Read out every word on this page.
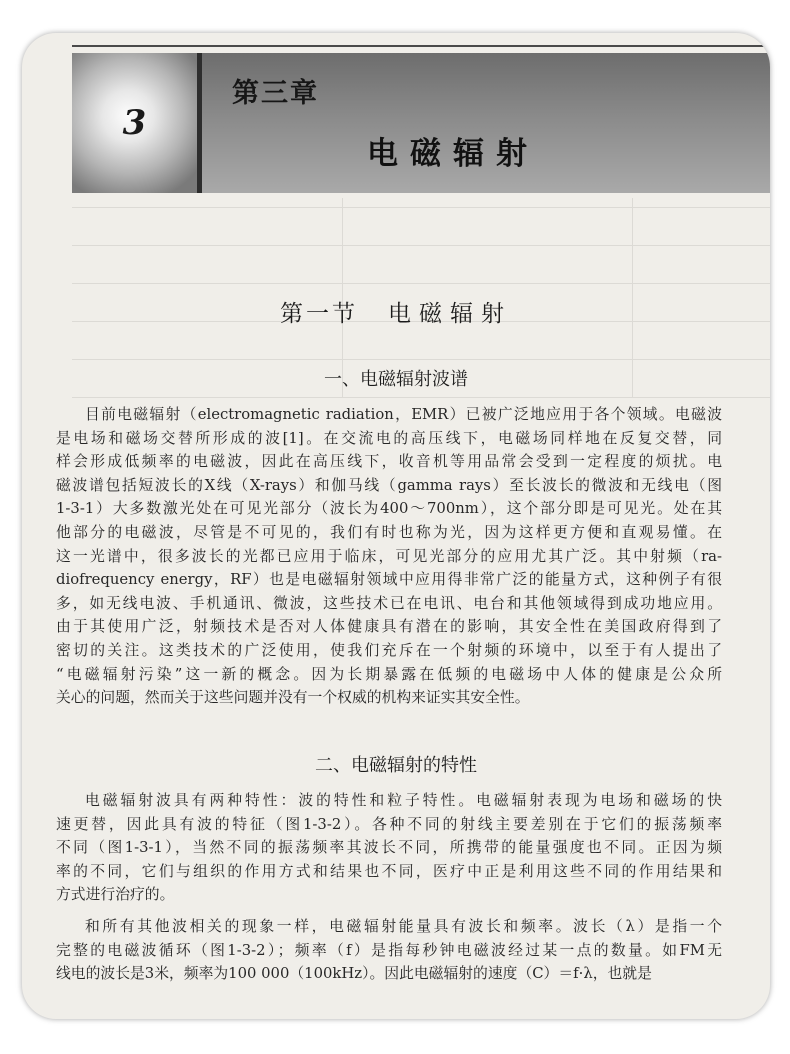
3
第三章
电磁辐射
第一节 电磁辐射
一、电磁辐射波谱
目前电磁辐射（electromagnetic radiation，EMR）已被广泛地应用于各个领域。电磁波
是电场和磁场交替所形成的波[1]。在交流电的高压线下，电磁场同样地在反复交替，同
样会形成低频率的电磁波，因此在高压线下，收音机等用品常会受到一定程度的烦扰。电
磁波谱包括短波长的X线（X-rays）和伽马线（gamma rays）至长波长的微波和无线电（图
1-3-1）大多数激光处在可见光部分（波长为400～700nm），这个部分即是可见光。处在其
他部分的电磁波，尽管是不可见的，我们有时也称为光，因为这样更方便和直观易懂。在
这一光谱中，很多波长的光都已应用于临床，可见光部分的应用尤其广泛。其中射频（ra-
diofrequency energy，RF）也是电磁辐射领域中应用得非常广泛的能量方式，这种例子有很
多，如无线电波、手机通讯、微波，这些技术已在电讯、电台和其他领域得到成功地应用。
由于其使用广泛，射频技术是否对人体健康具有潜在的影响，其安全性在美国政府得到了
密切的关注。这类技术的广泛使用，使我们充斥在一个射频的环境中，以至于有人提出了
“电磁辐射污染”这一新的概念。因为长期暴露在低频的电磁场中人体的健康是公众所
关心的问题，然而关于这些问题并没有一个权威的机构来证实其安全性。
二、电磁辐射的特性
电磁辐射波具有两种特性：波的特性和粒子特性。电磁辐射表现为电场和磁场的快
速更替，因此具有波的特征（图1-3-2）。各种不同的射线主要差别在于它们的振荡频率
不同（图1-3-1），当然不同的振荡频率其波长不同，所携带的能量强度也不同。正因为频
率的不同，它们与组织的作用方式和结果也不同，医疗中正是利用这些不同的作用结果和
方式进行治疗的。
和所有其他波相关的现象一样，电磁辐射能量具有波长和频率。波长（λ）是指一个
完整的电磁波循环（图1-3-2）；频率（f）是指每秒钟电磁波经过某一点的数量。如FM无
线电的波长是3米，频率为100 000（100kHz）。因此电磁辐射的速度（C）＝f·λ，也就是
